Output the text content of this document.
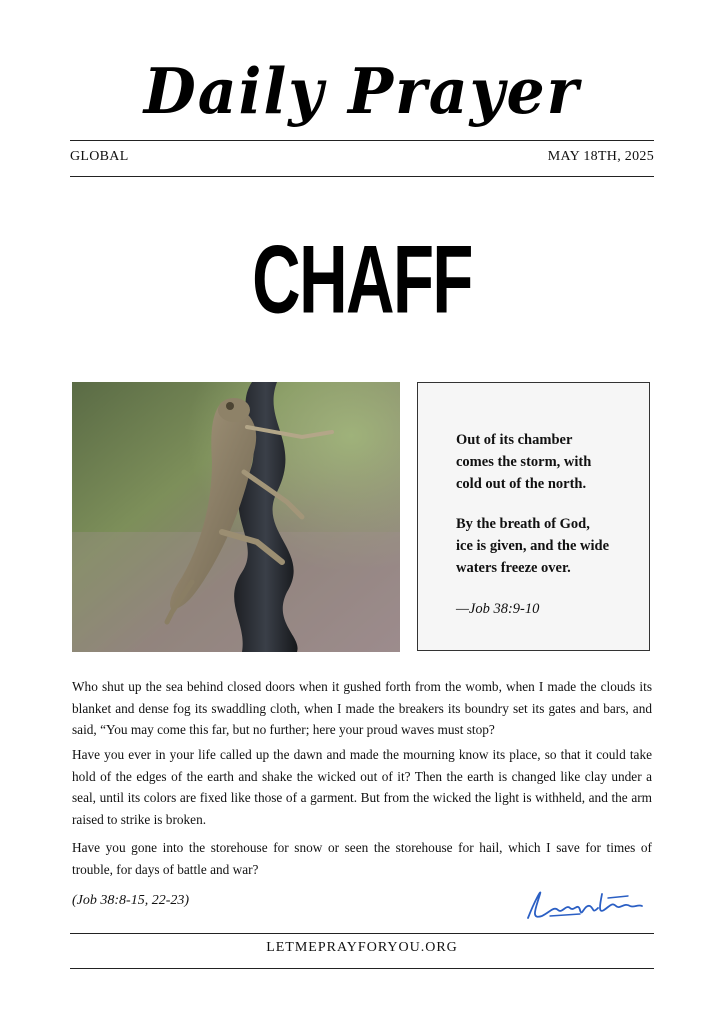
Daily Prayer
GLOBAL	MAY 18TH, 2025
CHAFF
Out of its chamber
comes the storm, with
cold out of the north.
By the breath of God,
ice is given, and the wide
waters freeze over.
—Job 38:9-10

Who shut up the sea behind closed doors when it gushed forth from the womb, when I made the clouds its blanket and dense fog its swaddling cloth, when I made the breakers its boundry set its gates and bars, and said, “You may come this far, but no further; here your proud waves must stop?

Have you ever in your life called up the dawn and made the mourning know its place, so that it could take hold of the edges of the earth and shake the wicked out of it? Then the earth is changed like clay under a seal, until its colors are fixed like those of a garment. But from the wicked the light is withheld, and the arm raised to strike is broken.

Have you gone into the storehouse for snow or seen the storehouse for hail, which I save for times of trouble, for days of battle and war?

(Job 38:8-15, 22-23)
LETMEPRAYFORYOU.ORG
